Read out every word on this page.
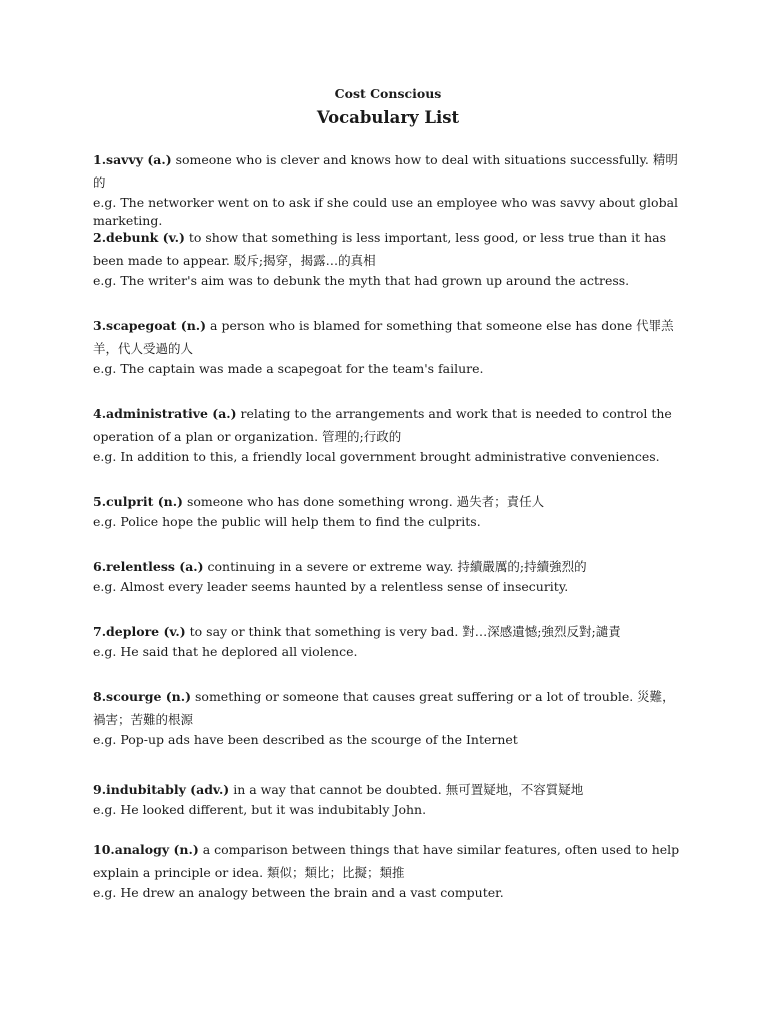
Cost Conscious

Vocabulary List

1.savvy (a.) someone who is clever and knows how to deal with situations successfully. 精明的

e.g. The networker went on to ask if she could use an employee who was savvy about global marketing.

2.debunk (v.) to show that something is less important, less good, or less true than it has been made to appear. 駁斥;揭穿，揭露…的真相

e.g. The writer's aim was to debunk the myth that had grown up around the actress.

3.scapegoat (n.) a person who is blamed for something that someone else has done 代罪羔羊，代人受過的人

e.g. The captain was made a scapegoat for the team's failure.

4.administrative (a.) relating to the arrangements and work that is needed to control the operation of a plan or organization. 管理的;行政的

e.g. In addition to this, a friendly local government brought administrative conveniences.

5.culprit (n.) someone who has done something wrong. 過失者；責任人

e.g. Police hope the public will help them to find the culprits.

6.relentless (a.) continuing in a severe or extreme way. 持續嚴厲的;持續強烈的

e.g. Almost every leader seems haunted by a relentless sense of insecurity.

7.deplore (v.) to say or think that something is very bad. 對…深感遺憾;強烈反對;譴責

e.g. He said that he deplored all violence.

8.scourge (n.) something or someone that causes great suffering or a lot of trouble. 災難，禍害；苦難的根源

e.g. Pop-up ads have been described as the scourge of the Internet

9.indubitably (adv.) in a way that cannot be doubted. 無可置疑地，不容質疑地

e.g. He looked different, but it was indubitably John.

10.analogy (n.) a comparison between things that have similar features, often used to help explain a principle or idea. 類似；類比；比擬；類推

e.g. He drew an analogy between the brain and a vast computer.
